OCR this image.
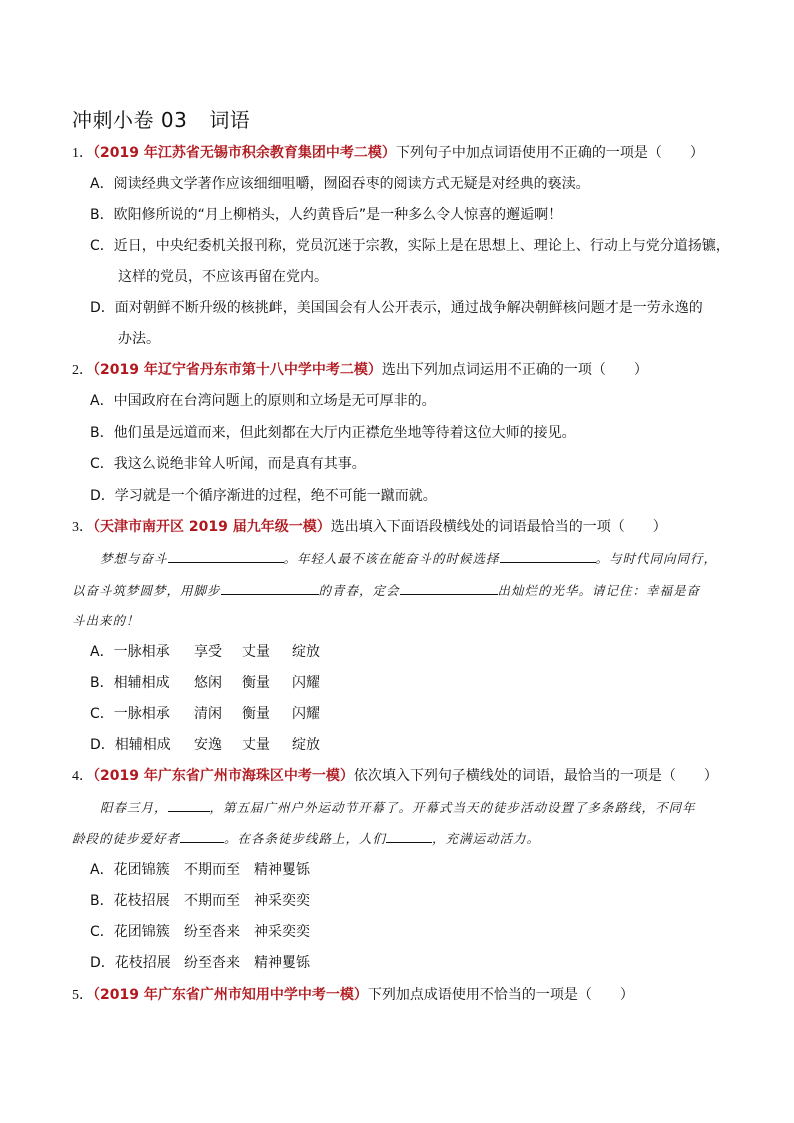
冲刺小卷 03 词语
1．（2019 年江苏省无锡市积余教育集团中考二模）下列句子中加点词语使用不正确的一项是（　　）
A．阅读经典文学著作应该细细咀嚼，囫囵吞枣的阅读方式无疑是对经典的亵渎。
B．欧阳修所说的“月上柳梢头，人约黄昏后”是一种多么令人惊喜的邂逅啊！
C．近日，中央纪委机关报刊称，党员沉迷于宗教，实际上是在思想上、理论上、行动上与党分道扬镳，
这样的党员，不应该再留在党内。
D．面对朝鲜不断升级的核挑衅，美国国会有人公开表示，通过战争解决朝鲜核问题才是一劳永逸的
办法。
2．（2019 年辽宁省丹东市第十八中学中考二模）选出下列加点词运用不正确的一项（　　）
A．中国政府在台湾问题上的原则和立场是无可厚非的。
B．他们虽是远道而来，但此刻都在大厅内正襟危坐地等待着这位大师的接见。
C．我这么说绝非耸人听闻，而是真有其事。
D．学习就是一个循序渐进的过程，绝不可能一蹴而就。
3．（天津市南开区 2019 届九年级一模）选出填入下面语段横线处的词语最恰当的一项（　　）
梦想与奋斗	。年轻人最不该在能奋斗的时候选择	。与时代同向同行，
以奋斗筑梦圆梦，用脚步	的青春，定会	出灿烂的光华。请记住：幸福是奋
斗出来的！
A．一脉相承 享受 丈量 绽放
B．相辅相成 悠闲 衡量 闪耀
C．一脉相承 清闲 衡量 闪耀
D．相辅相成 安逸 丈量 绽放
4．（2019 年广东省广州市海珠区中考一模）依次填入下列句子横线处的词语，最恰当的一项是（　　）
阳春三月，	，第五届广州户外运动节开幕了。开幕式当天的徒步活动设置了多条路线，不同年
龄段的徒步爱好者	。在各条徒步线路上，人们	，充满运动活力。
A．花团锦簇 不期而至 精神矍铄
B．花枝招展 不期而至 神采奕奕
C．花团锦簇 纷至沓来 神采奕奕
D．花枝招展 纷至沓来 精神矍铄
5．（2019 年广东省广州市知用中学中考一模）下列加点成语使用不恰当的一项是（　　）
